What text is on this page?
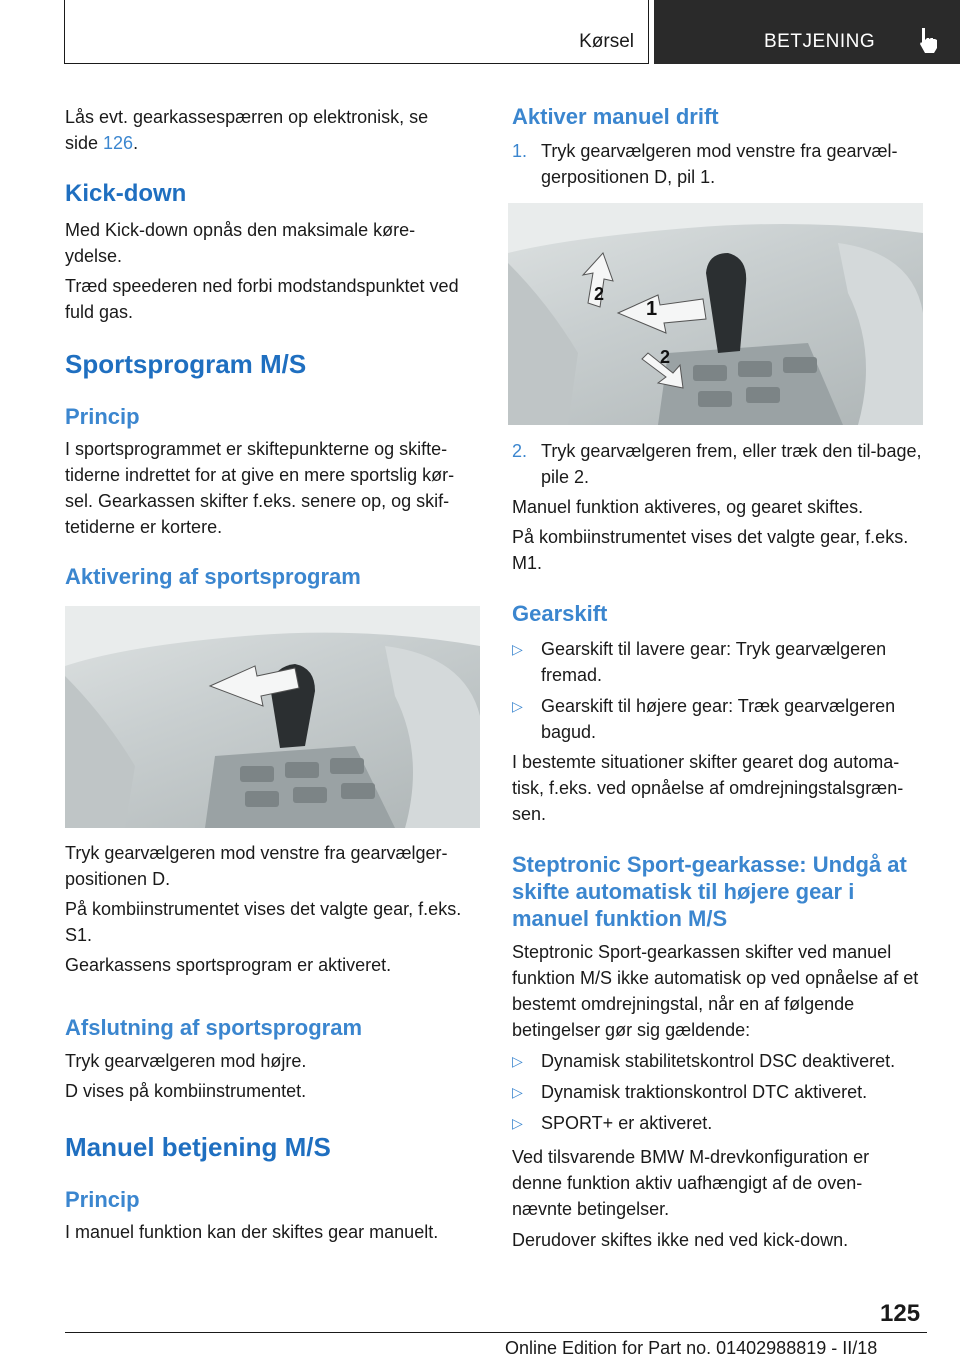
Kørsel	BETJENING
Lås evt. gearkassespærren op elektronisk, se
side 126.
Kick-down
Med Kick-down opnås den maksimale køre-ydelse.
Træd speederen ned forbi modstandspunktet ved fuld gas.
Sportsprogram M/S
Princip
I sportsprogrammet er skiftepunkterne og skifte-tiderne indrettet for at give en mere sportslig kør-sel. Gearkassen skifter f.eks. senere op, og skif-tetiderne er kortere.
Aktivering af sportsprogram
Tryk gearvælgeren mod venstre fra gearvælger-positionen D.
På kombiinstrumentet vises det valgte gear, f.eks. S1.
Gearkassens sportsprogram er aktiveret.
Afslutning af sportsprogram
Tryk gearvælgeren mod højre.
D vises på kombiinstrumentet.
Manuel betjening M/S
Princip
I manuel funktion kan der skiftes gear manuelt.
Aktiver manuel drift
1. Tryk gearvælgeren mod venstre fra gearvæl-gerpositionen D, pil 1.
2
1
2
2. Tryk gearvælgeren frem, eller træk den til-bage, pile 2.
Manuel funktion aktiveres, og gearet skiftes.
På kombiinstrumentet vises det valgte gear, f.eks. M1.
Gearskift
▷ Gearskift til lavere gear: Tryk gearvælgeren fremad.
▷ Gearskift til højere gear: Træk gearvælgeren bagud.
I bestemte situationer skifter gearet dog automa-tisk, f.eks. ved opnåelse af omdrejningstalsgræn-sen.
Steptronic Sport-gearkasse: Undgå at skifte automatisk til højere gear i manuel funktion M/S
Steptronic Sport-gearkassen skifter ved manuel funktion M/S ikke automatisk op ved opnåelse af et bestemt omdrejningstal, når en af følgende betingelser gør sig gældende:
▷ Dynamisk stabilitetskontrol DSC deaktiveret.
▷ Dynamisk traktionskontrol DTC aktiveret.
▷ SPORT+ er aktiveret.
Ved tilsvarende BMW M-drevkonfiguration er denne funktion aktiv uafhængigt af de oven-nævnte betingelser.
Derudover skiftes ikke ned ved kick-down.
125
Online Edition for Part no. 01402988819 - II/18
